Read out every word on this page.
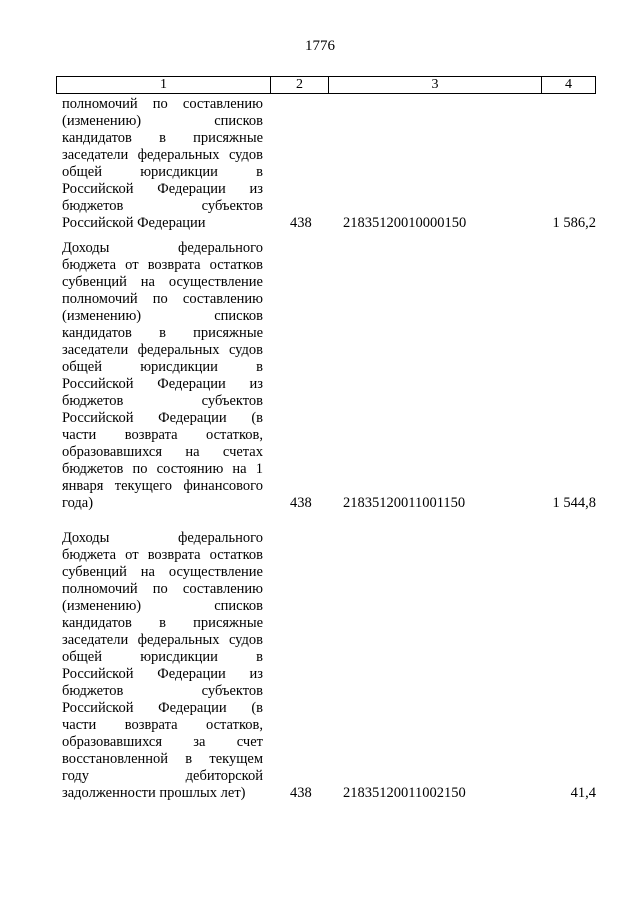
1776
1	2	3	4
полномочий по составлению
(изменению) списков
кандидатов в присяжные
заседатели федеральных судов
общей юрисдикции в
Российской Федерации из
бюджетов субъектов
Российской Федерации	438 21835120010000150	1 586,2
Доходы федерального
бюджета от возврата остатков
субвенций на осуществление
полномочий по составлению
(изменению) списков
кандидатов в присяжные
заседатели федеральных судов
общей юрисдикции в
Российской Федерации из
бюджетов субъектов
Российской Федерации (в
части возврата остатков,
образовавшихся на счетах
бюджетов по состоянию на 1
января текущего финансового
года)	438 21835120011001150	1 544,8
Доходы федерального
бюджета от возврата остатков
субвенций на осуществление
полномочий по составлению
(изменению) списков
кандидатов в присяжные
заседатели федеральных судов
общей юрисдикции в
Российской Федерации из
бюджетов субъектов
Российской Федерации (в
части возврата остатков,
образовавшихся за счет
восстановленной в текущем
году дебиторской
задолженности прошлых лет)	438 21835120011002150	41,4
